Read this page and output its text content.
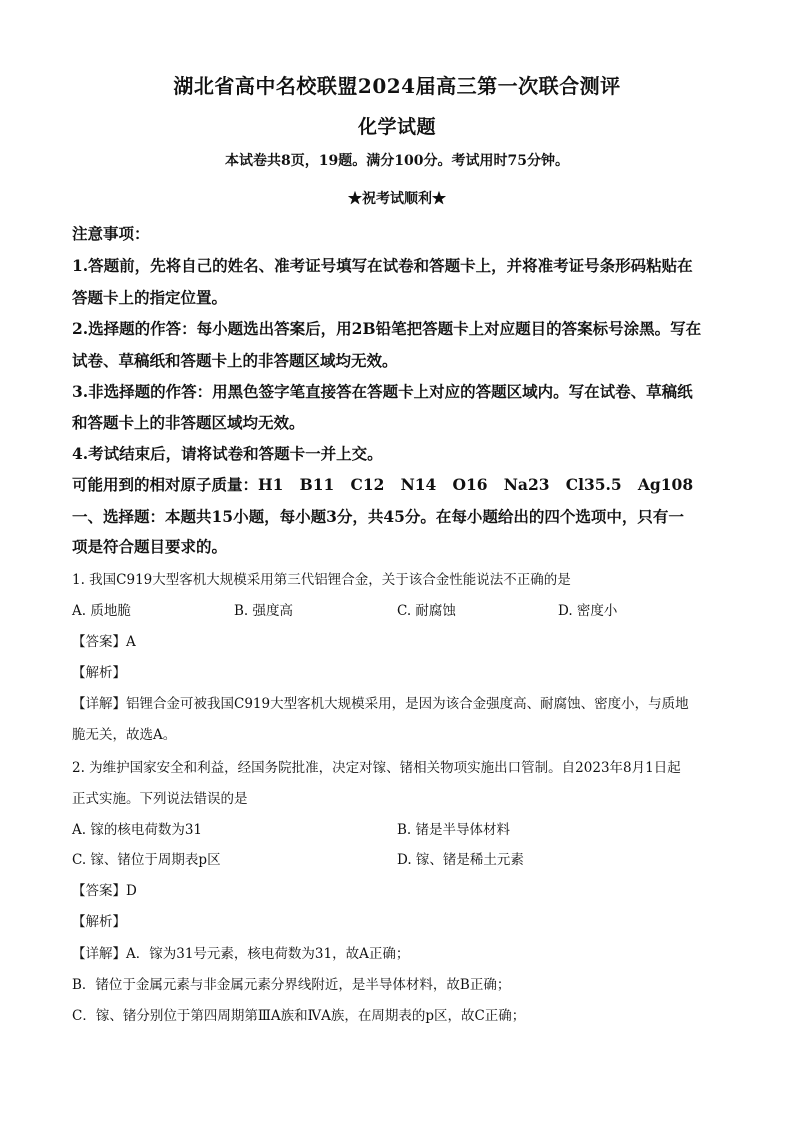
湖北省高中名校联盟2024届高三第一次联合测评
化学试题
本试卷共8页，19题。满分100分。考试用时75分钟。
★祝考试顺利★
注意事项：
1.答题前，先将自己的姓名、准考证号填写在试卷和答题卡上，并将准考证号条形码粘贴在
答题卡上的指定位置。
2.选择题的作答：每小题选出答案后，用2B铅笔把答题卡上对应题目的答案标号涂黑。写在
试卷、草稿纸和答题卡上的非答题区域均无效。
3.非选择题的作答：用黑色签字笔直接答在答题卡上对应的答题区域内。写在试卷、草稿纸
和答题卡上的非答题区域均无效。
4.考试结束后，请将试卷和答题卡一并上交。
可能用到的相对原子质量：H1   B11   C12   N14   O16   Na23   Cl35.5   Ag108
一、选择题：本题共15小题，每小题3分，共45分。在每小题给出的四个选项中，只有一
项是符合题目要求的。
1. 我国C919大型客机大规模采用第三代铝锂合金，关于该合金性能说法不正确的是
A. 质地脆	B. 强度高	C. 耐腐蚀	D. 密度小
【答案】A
【解析】
【详解】铝锂合金可被我国C919大型客机大规模采用，是因为该合金强度高、耐腐蚀、密度小，与质地
脆无关，故选A。
2. 为维护国家安全和利益，经国务院批准，决定对镓、锗相关物项实施出口管制。自2023年8月1日起
正式实施。下列说法错误的是
A. 镓的核电荷数为31	B. 锗是半导体材料
C. 镓、锗位于周期表p区	D. 镓、锗是稀土元素
【答案】D
【解析】
【详解】A．镓为31号元素，核电荷数为31，故A正确；
B．锗位于金属元素与非金属元素分界线附近，是半导体材料，故B正确；
C．镓、锗分别位于第四周期第ⅢA族和ⅣA族，在周期表的p区，故C正确；
